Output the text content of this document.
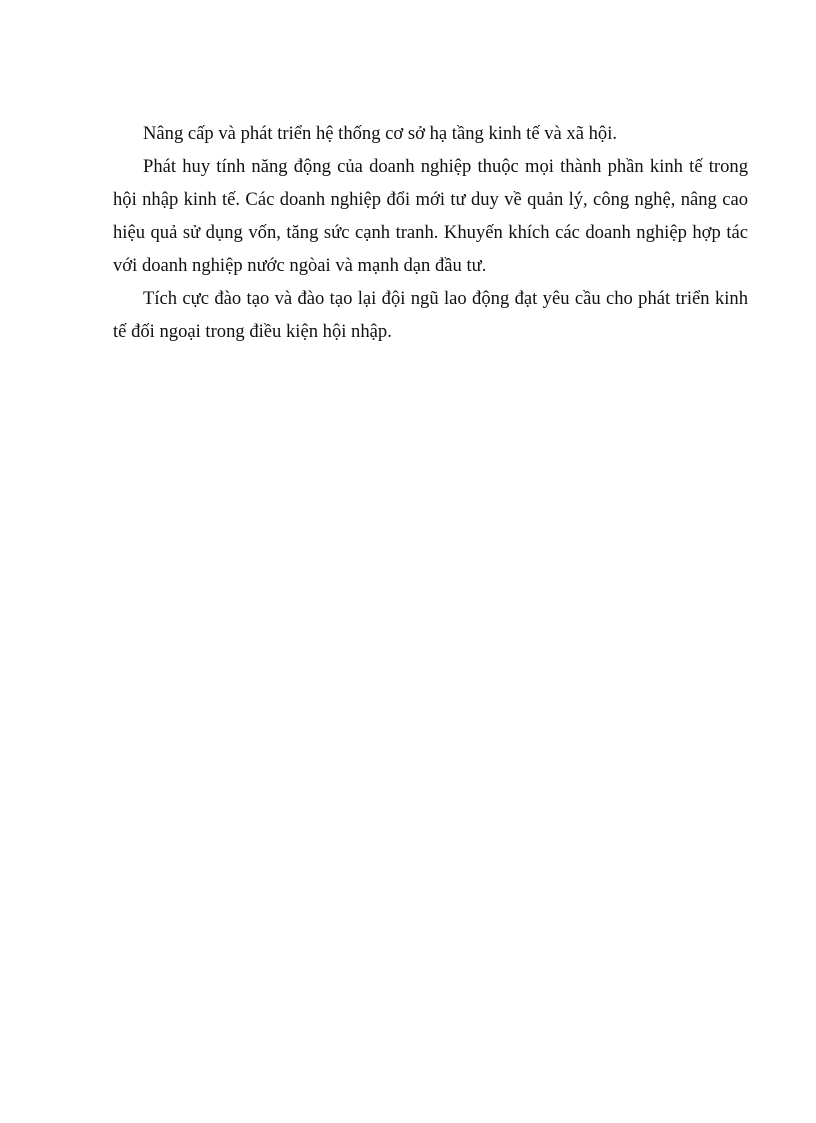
Nâng cấp và phát triển hệ thống cơ sở hạ tầng kinh tế và xã hội.

Phát huy tính năng động của doanh nghiệp thuộc mọi thành phần kinh tế trong hội nhập kinh tế. Các doanh nghiệp đổi mới tư duy về quản lý, công nghệ, nâng cao hiệu quả sử dụng vốn, tăng sức cạnh tranh. Khuyến khích các doanh nghiệp hợp tác với doanh nghiệp nước ngòai và mạnh dạn đầu tư.

Tích cực đào tạo và đào tạo lại đội ngũ lao động đạt yêu cầu cho phát triển kinh tế đối ngoại trong điều kiện hội nhập.
